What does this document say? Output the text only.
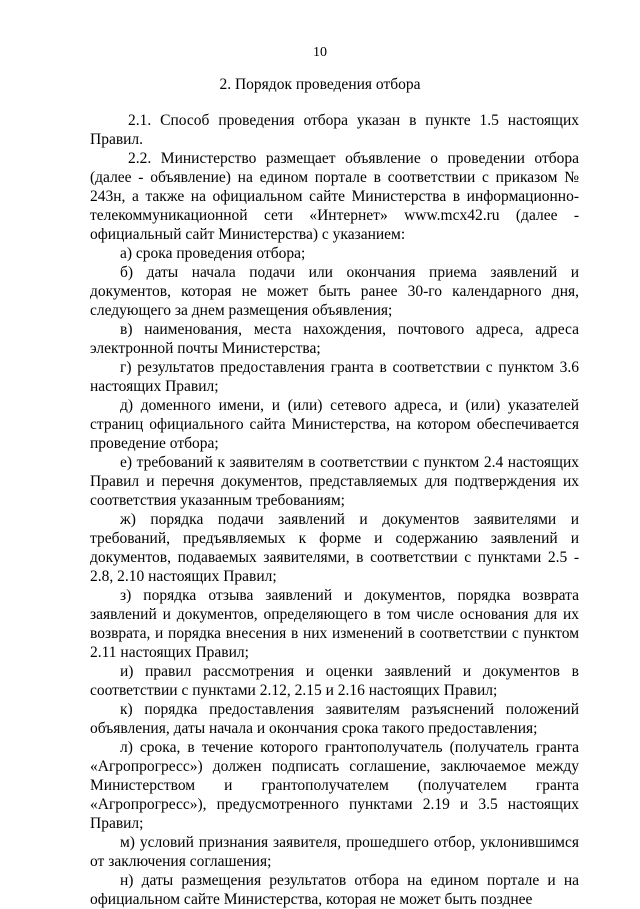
10
2. Порядок проведения отбора

2.1. Способ проведения отбора указан в пункте 1.5 настоящих Правил.

2.2. Министерство размещает объявление о проведении отбора (далее - объявление) на едином портале в соответствии с приказом № 243н, а также на официальном сайте Министерства в информационно-телекоммуникационной сети «Интернет» www.mcx42.ru (далее - официальный сайт Министерства) с указанием:

а) срока проведения отбора;

б) даты начала подачи или окончания приема заявлений и документов, которая не может быть ранее 30-го календарного дня, следующего за днем размещения объявления;

в) наименования, места нахождения, почтового адреса, адреса электронной почты Министерства;

г) результатов предоставления гранта в соответствии с пунктом 3.6 настоящих Правил;

д) доменного имени, и (или) сетевого адреса, и (или) указателей страниц официального сайта Министерства, на котором обеспечивается проведение отбора;

е) требований к заявителям в соответствии с пунктом 2.4 настоящих Правил и перечня документов, представляемых для подтверждения их соответствия указанным требованиям;

ж) порядка подачи заявлений и документов заявителями и требований, предъявляемых к форме и содержанию заявлений и документов, подаваемых заявителями, в соответствии с пунктами 2.5 - 2.8, 2.10 настоящих Правил;

з) порядка отзыва заявлений и документов, порядка возврата заявлений и документов, определяющего в том числе основания для их возврата, и порядка внесения в них изменений в соответствии с пунктом 2.11 настоящих Правил;

и) правил рассмотрения и оценки заявлений и документов в соответствии с пунктами 2.12, 2.15 и 2.16 настоящих Правил;

к) порядка предоставления заявителям разъяснений положений объявления, даты начала и окончания срока такого предоставления;

л) срока, в течение которого грантополучатель (получатель гранта «Агропрогресс») должен подписать соглашение, заключаемое между Министерством и грантополучателем (получателем гранта «Агропрогресс»), предусмотренного пунктами 2.19 и 3.5 настоящих Правил;

м) условий признания заявителя, прошедшего отбор, уклонившимся от заключения соглашения;

н) даты размещения результатов отбора на едином портале и на официальном сайте Министерства, которая не может быть позднее
